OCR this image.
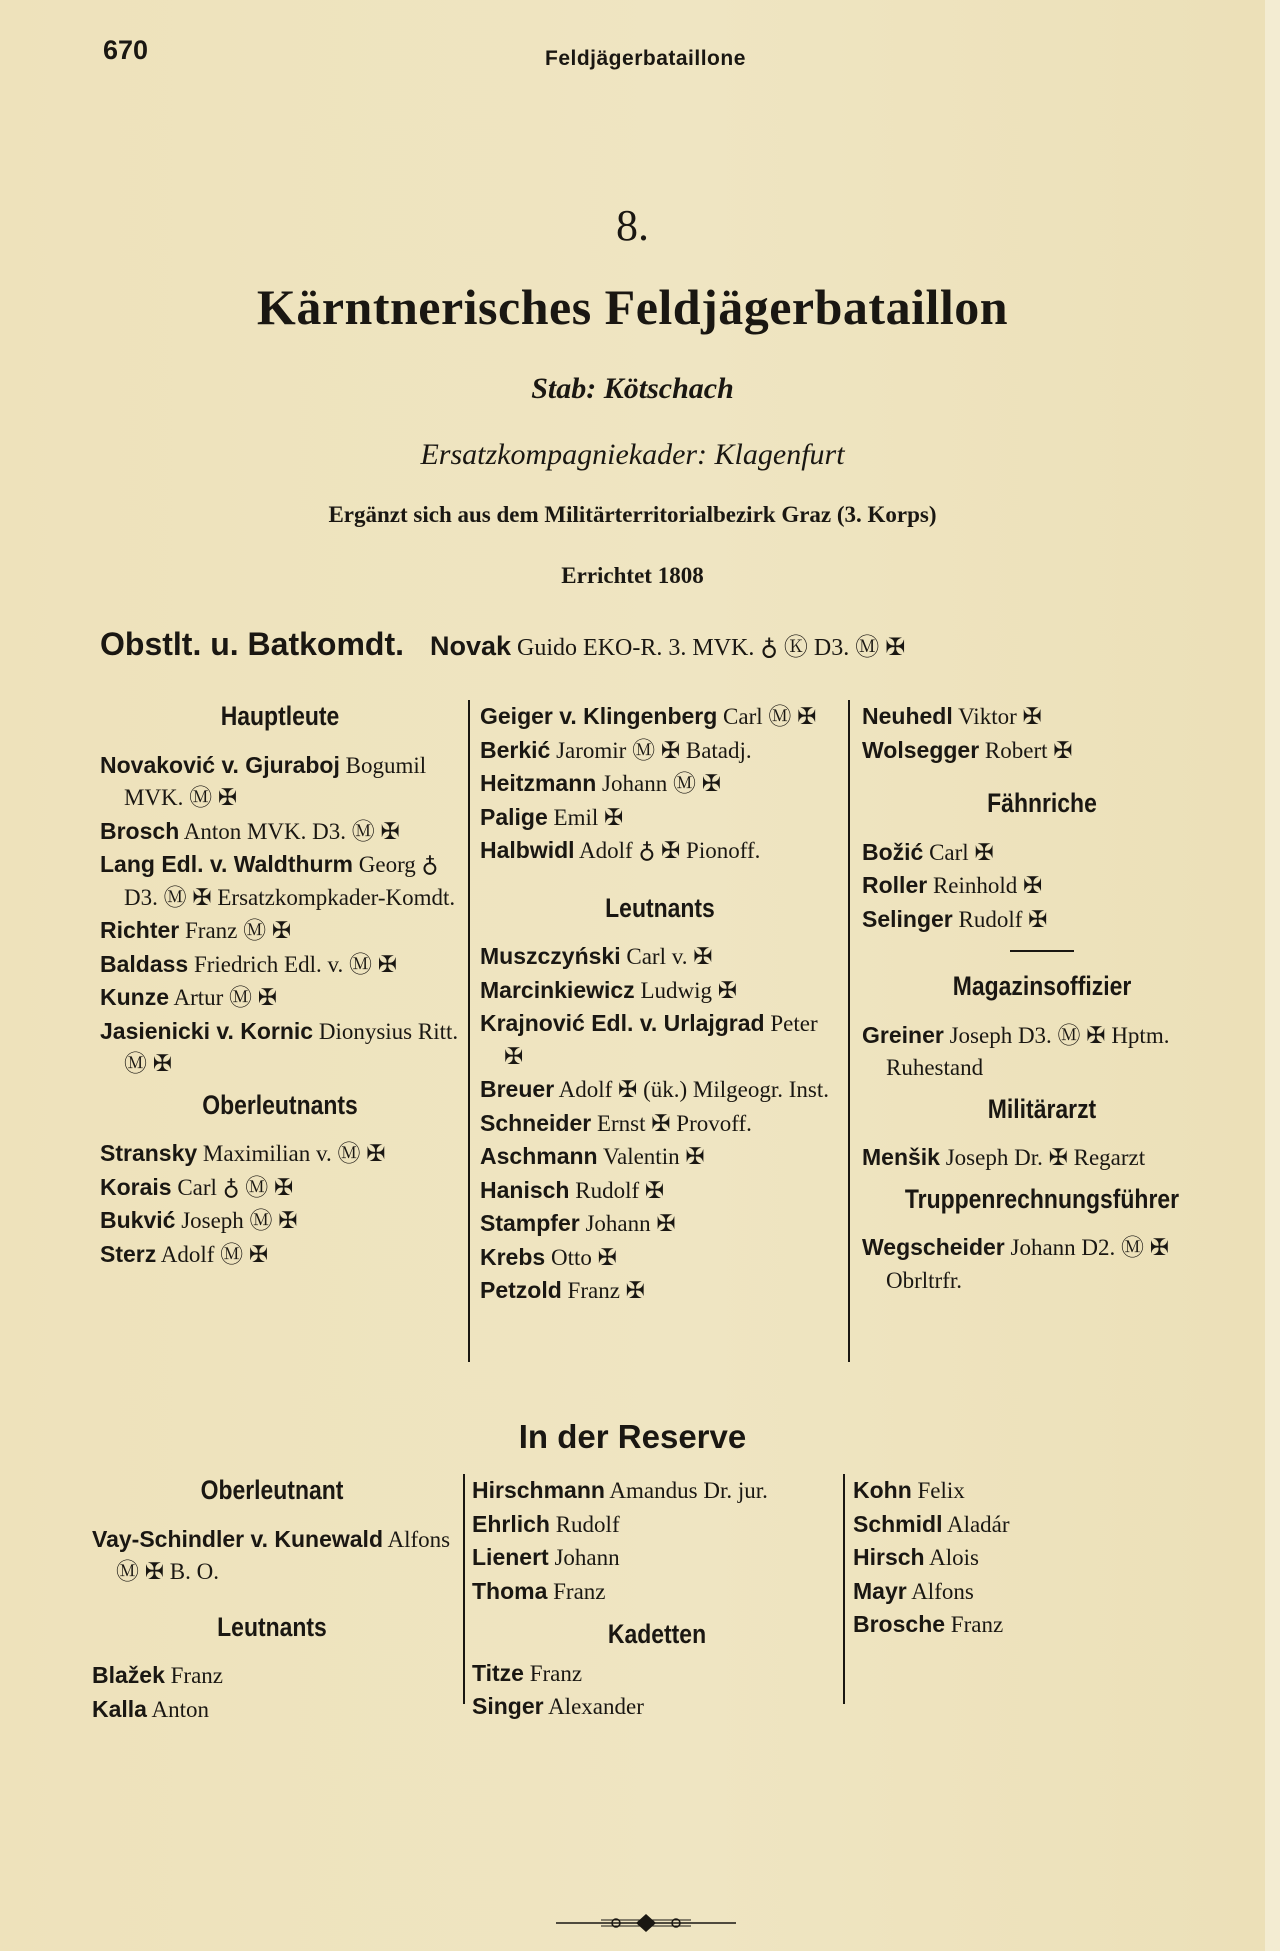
670	Feldjägerbataillone
8.
Kärntnerisches Feldjägerbataillon
Stab: Kötschach
Ersatzkompagniekader: Klagenfurt
Ergänzt sich aus dem Militärterritorialbezirk Graz (3. Korps)
Errichtet 1808
Obstlt. u. Batkomdt. Novak Guido EKO-R. 3. MVK. ♁ Ⓚ D3. Ⓜ ✠
Hauptleute
Novaković v. Gjuraboj Bogumil MVK. Ⓜ ✠
Brosch Anton MVK. D3. Ⓜ ✠
Lang Edl. v. Waldthurm Georg ♁ D3. Ⓜ ✠ Ersatzkompkader-Komdt.
Richter Franz Ⓜ ✠
Baldass Friedrich Edl. v. Ⓜ ✠
Kunze Artur Ⓜ ✠
Jasienicki v. Kornic Dionysius Ritt. Ⓜ ✠
Oberleutnants
Stransky Maximilian v. Ⓜ ✠
Korais Carl ♁ Ⓜ ✠
Bukvić Joseph Ⓜ ✠
Sterz Adolf Ⓜ ✠
Geiger v. Klingenberg Carl Ⓜ ✠
Berkić Jaromir Ⓜ ✠ Batadj.
Heitzmann Johann Ⓜ ✠
Palige Emil ✠
Halbwidl Adolf ♁ ✠ Pionoff.
Leutnants
Muszczyński Carl v. ✠
Marcinkiewicz Ludwig ✠
Krajnović Edl. v. Urlajgrad Peter ✠
Breuer Adolf ✠ (ük.) Milgeogr. Inst.
Schneider Ernst ✠ Provoff.
Aschmann Valentin ✠
Hanisch Rudolf ✠
Stampfer Johann ✠
Krebs Otto ✠
Petzold Franz ✠
Neuhedl Viktor ✠
Wolsegger Robert ✠
Fähnriche
Božić Carl ✠
Roller Reinhold ✠
Selinger Rudolf ✠
Magazinsoffizier
Greiner Joseph D3. Ⓜ ✠ Hptm. Ruhestand
Militärarzt
Menšik Joseph Dr. ✠ Regarzt
Truppenrechnungsführer
Wegscheider Johann D2. Ⓜ ✠ Obrltrfr.
In der Reserve
Oberleutnant
Vay-Schindler v. Kunewald Alfons Ⓜ ✠ B. O.
Leutnants
Blažek Franz
Kalla Anton
Hirschmann Amandus Dr. jur.
Ehrlich Rudolf
Lienert Johann
Thoma Franz
Kadetten
Titze Franz
Singer Alexander
Kohn Felix
Schmidl Aladár
Hirsch Alois
Mayr Alfons
Brosche Franz
